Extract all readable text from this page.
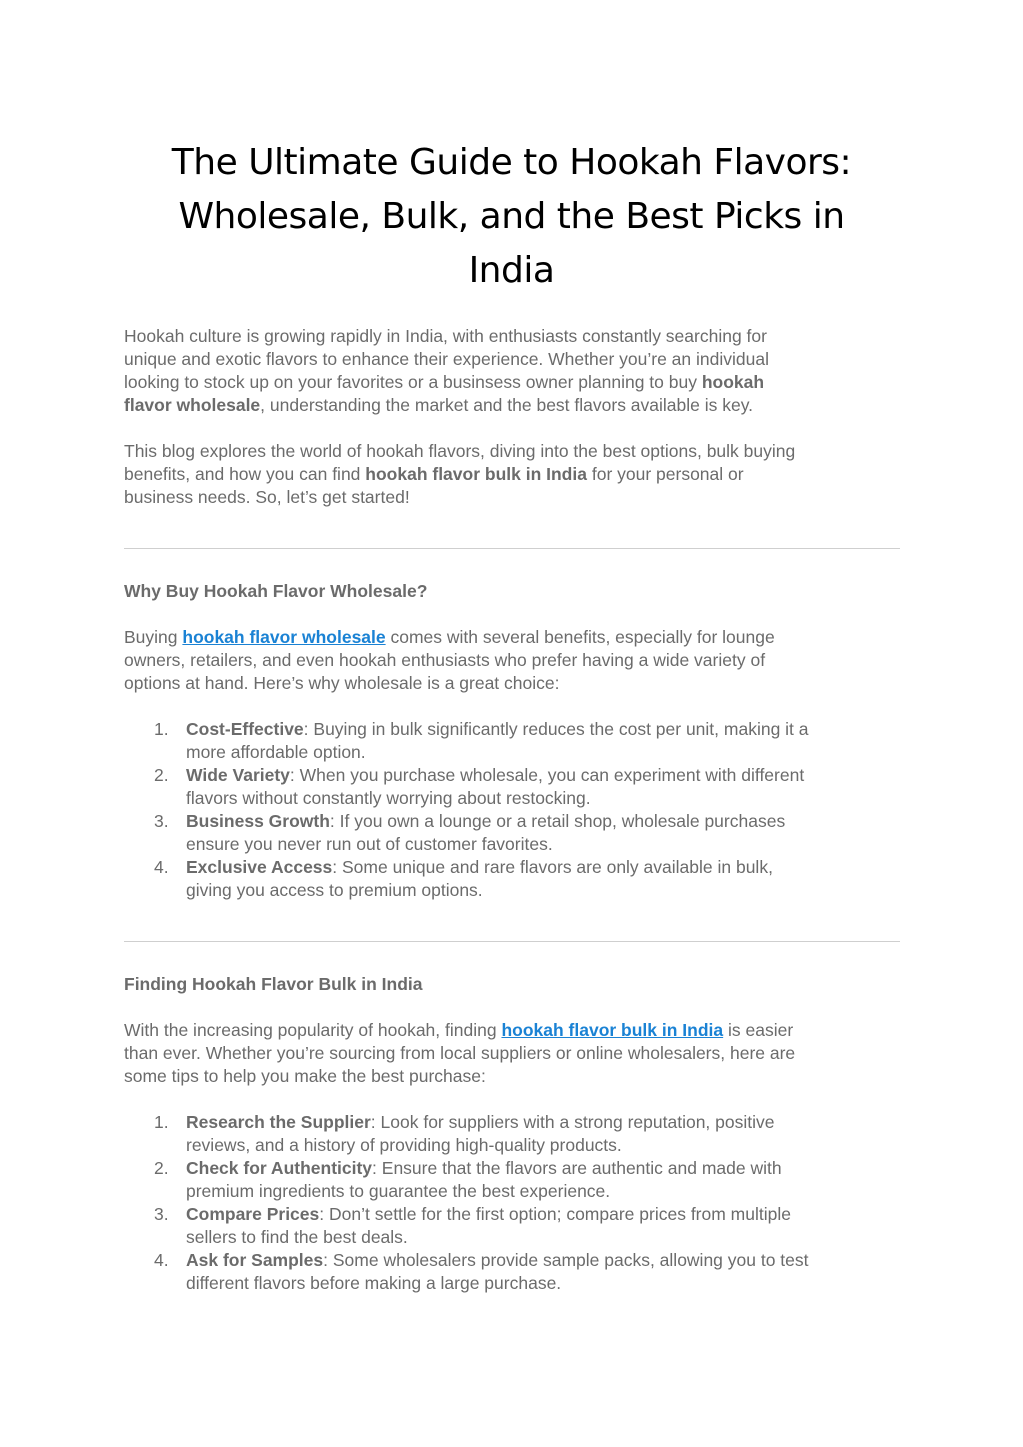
The Ultimate Guide to Hookah Flavors:
Wholesale, Bulk, and the Best Picks in
India

Hookah culture is growing rapidly in India, with enthusiasts constantly searching for
unique and exotic flavors to enhance their experience. Whether you’re an individual
looking to stock up on your favorites or a businsess owner planning to buy hookah
flavor wholesale, understanding the market and the best flavors available is key.

This blog explores the world of hookah flavors, diving into the best options, bulk buying
benefits, and how you can find hookah flavor bulk in India for your personal or
business needs. So, let’s get started!

Why Buy Hookah Flavor Wholesale?

Buying hookah flavor wholesale comes with several benefits, especially for lounge
owners, retailers, and even hookah enthusiasts who prefer having a wide variety of
options at hand. Here’s why wholesale is a great choice:

1. Cost-Effective: Buying in bulk significantly reduces the cost per unit, making it a
more affordable option.
2. Wide Variety: When you purchase wholesale, you can experiment with different
flavors without constantly worrying about restocking.
3. Business Growth: If you own a lounge or a retail shop, wholesale purchases
ensure you never run out of customer favorites.
4. Exclusive Access: Some unique and rare flavors are only available in bulk,
giving you access to premium options.
Finding Hookah Flavor Bulk in India

With the increasing popularity of hookah, finding hookah flavor bulk in India is easier
than ever. Whether you’re sourcing from local suppliers or online wholesalers, here are
some tips to help you make the best purchase:

1. Research the Supplier: Look for suppliers with a strong reputation, positive
reviews, and a history of providing high-quality products.
2. Check for Authenticity: Ensure that the flavors are authentic and made with
premium ingredients to guarantee the best experience.
3. Compare Prices: Don’t settle for the first option; compare prices from multiple
sellers to find the best deals.
4. Ask for Samples: Some wholesalers provide sample packs, allowing you to test
different flavors before making a large purchase.
